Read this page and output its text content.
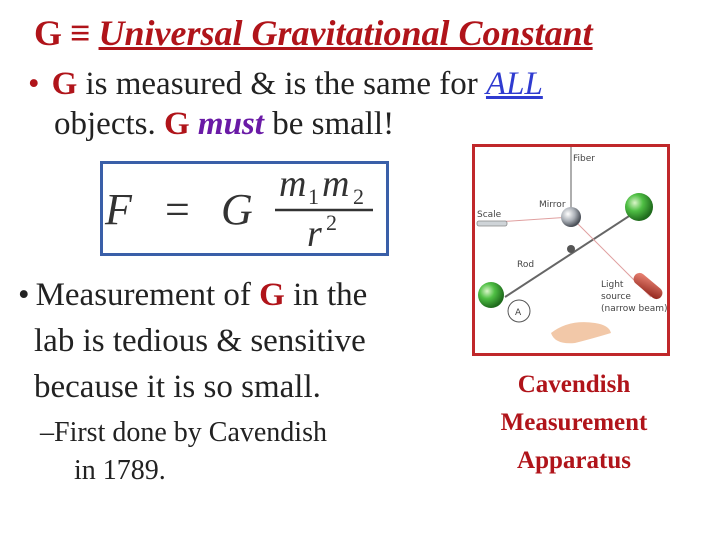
G ≡ Universal Gravitational Constant
• G is measured & is the same for ALL
objects. G must be small!
F = G
m 1 m 2
r 2
• Measurement of G in the
lab is tedious & sensitive
because it is so small.
–First done by Cavendish
in 1789.
Fiber
Mirror
Scale
Rod
Light
source
(narrow beam)
A
Cavendish
Measurement
Apparatus
